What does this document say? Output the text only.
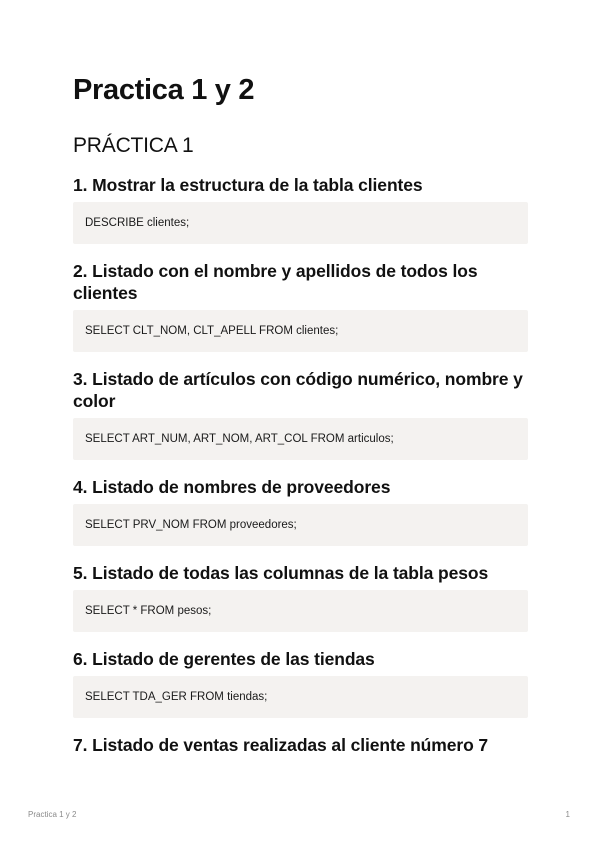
Practica 1 y 2
PRÁCTICA 1
1. Mostrar la estructura de la tabla clientes
DESCRIBE clientes;
2. Listado con el nombre y apellidos de todos los clientes
SELECT CLT_NOM, CLT_APELL FROM clientes;
3. Listado de artículos con código numérico, nombre y color
SELECT ART_NUM, ART_NOM, ART_COL FROM articulos;
4. Listado de nombres de proveedores
SELECT PRV_NOM FROM proveedores;
5. Listado de todas las columnas de la tabla pesos
SELECT * FROM pesos;
6. Listado de gerentes de las tiendas
SELECT TDA_GER FROM tiendas;
7. Listado de ventas realizadas al cliente número 7
Practica 1 y 2	1
